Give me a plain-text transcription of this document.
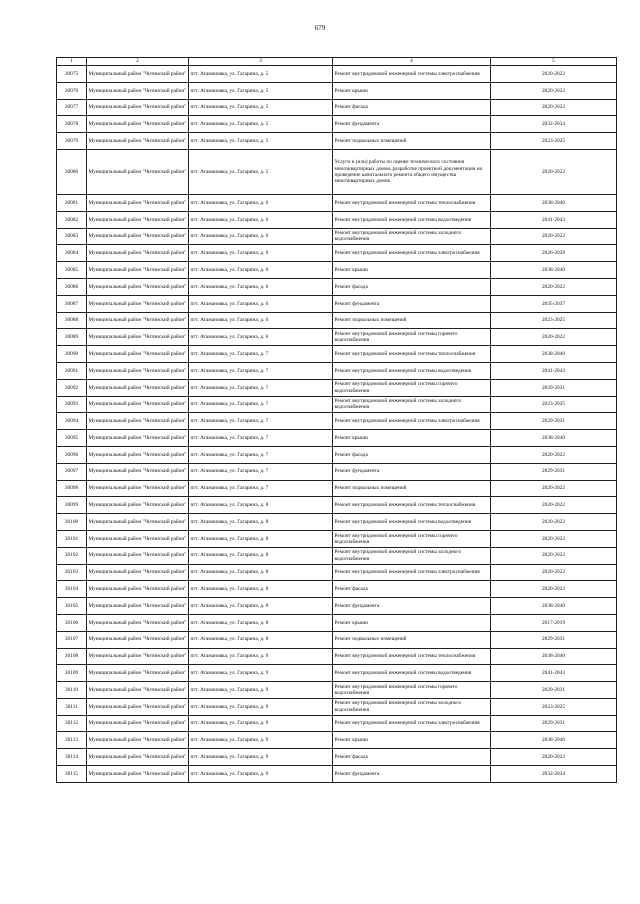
679
1	2	3	4	5
30075	Муниципальный район "Читинский район"	пгт. Атамановка, ул. Гагарина, д. 5	Ремонт внутридомовой инженерной системы электроснабжения	2020-2022
30076	Муниципальный район "Читинский район"	пгт. Атамановка, ул. Гагарина, д. 5	Ремонт крыши	2020-2022
30077	Муниципальный район "Читинский район"	пгт. Атамановка, ул. Гагарина, д. 5	Ремонт фасада	2020-2022
30078	Муниципальный район "Читинский район"	пгт. Атамановка, ул. Гагарина, д. 5	Ремонт фундамента	2032-2034
30079	Муниципальный район "Читинский район"	пгт. Атамановка, ул. Гагарина, д. 5	Ремонт подвальных помещений	2023-2025
30080	Муниципальный район "Читинский район"	пгт. Атамановка, ул. Гагарина, д. 5	Услуги и (или) работы по оценке технического состояния многоквартирных домов, разработке проектной документации на проведение капитального ремонта общего имущества многоквартирных домов	2020-2022
30081	Муниципальный район "Читинский район"	пгт. Атамановка, ул. Гагарина, д. 6	Ремонт внутридомовой инженерной системы теплоснабжения	2038-2040
30082	Муниципальный район "Читинский район"	пгт. Атамановка, ул. Гагарина, д. 6	Ремонт внутридомовой инженерной системы водоотведения	2041-2043
30083	Муниципальный район "Читинский район"	пгт. Атамановка, ул. Гагарина, д. 6	Ремонт внутридомовой инженерной системы холодного водоснабжения	2020-2022
30084	Муниципальный район "Читинский район"	пгт. Атамановка, ул. Гагарина, д. 6	Ремонт внутридомовой инженерной системы электроснабжения	2026-2028
30085	Муниципальный район "Читинский район"	пгт. Атамановка, ул. Гагарина, д. 6	Ремонт крыши	2038-2040
30086	Муниципальный район "Читинский район"	пгт. Атамановка, ул. Гагарина, д. 6	Ремонт фасада	2020-2022
30087	Муниципальный район "Читинский район"	пгт. Атамановка, ул. Гагарина, д. 6	Ремонт фундамента	2035-2037
30088	Муниципальный район "Читинский район"	пгт. Атамановка, ул. Гагарина, д. 6	Ремонт подвальных помещений	2023-2025
30089	Муниципальный район "Читинский район"	пгт. Атамановка, ул. Гагарина, д. 6	Ремонт внутридомовой инженерной системы горячего водоснабжения	2020-2022
30090	Муниципальный район "Читинский район"	пгт. Атамановка, ул. Гагарина, д. 7	Ремонт внутридомовой инженерной системы теплоснабжения	2038-2040
30091	Муниципальный район "Читинский район"	пгт. Атамановка, ул. Гагарина, д. 7	Ремонт внутридомовой инженерной системы водоотведения	2041-2043
30092	Муниципальный район "Читинский район"	пгт. Атамановка, ул. Гагарина, д. 7	Ремонт внутридомовой инженерной системы горячего водоснабжения	2029-2031
30093	Муниципальный район "Читинский район"	пгт. Атамановка, ул. Гагарина, д. 7	Ремонт внутридомовой инженерной системы холодного водоснабжения	2023-2025
30094	Муниципальный район "Читинский район"	пгт. Атамановка, ул. Гагарина, д. 7	Ремонт внутридомовой инженерной системы электроснабжения	2029-2031
30095	Муниципальный район "Читинский район"	пгт. Атамановка, ул. Гагарина, д. 7	Ремонт крыши	2038-2040
30096	Муниципальный район "Читинский район"	пгт. Атамановка, ул. Гагарина, д. 7	Ремонт фасада	2020-2022
30097	Муниципальный район "Читинский район"	пгт. Атамановка, ул. Гагарина, д. 7	Ремонт фундамента	2029-2031
30098	Муниципальный район "Читинский район"	пгт. Атамановка, ул. Гагарина, д. 7	Ремонт подвальных помещений	2020-2022
30099	Муниципальный район "Читинский район"	пгт. Атамановка, ул. Гагарина, д. 8	Ремонт внутридомовой инженерной системы теплоснабжения	2020-2022
30100	Муниципальный район "Читинский район"	пгт. Атамановка, ул. Гагарина, д. 8	Ремонт внутридомовой инженерной системы водоотведения	2020-2022
30101	Муниципальный район "Читинский район"	пгт. Атамановка, ул. Гагарина, д. 8	Ремонт внутридомовой инженерной системы горячего водоснабжения	2020-2022
30102	Муниципальный район "Читинский район"	пгт. Атамановка, ул. Гагарина, д. 8	Ремонт внутридомовой инженерной системы холодного водоснабжения	2020-2022
30103	Муниципальный район "Читинский район"	пгт. Атамановка, ул. Гагарина, д. 8	Ремонт внутридомовой инженерной системы электроснабжения	2020-2022
30104	Муниципальный район "Читинский район"	пгт. Атамановка, ул. Гагарина, д. 8	Ремонт фасада	2020-2022
30105	Муниципальный район "Читинский район"	пгт. Атамановка, ул. Гагарина, д. 8	Ремонт фундамента	2038-2040
30106	Муниципальный район "Читинский район"	пгт. Атамановка, ул. Гагарина, д. 8	Ремонт крыши	2017-2019
30107	Муниципальный район "Читинский район"	пгт. Атамановка, ул. Гагарина, д. 8	Ремонт подвальных помещений	2029-2031
30108	Муниципальный район "Читинский район"	пгт. Атамановка, ул. Гагарина, д. 9	Ремонт внутридомовой инженерной системы теплоснабжения	2038-2040
30109	Муниципальный район "Читинский район"	пгт. Атамановка, ул. Гагарина, д. 9	Ремонт внутридомовой инженерной системы водоотведения	2041-2043
30110	Муниципальный район "Читинский район"	пгт. Атамановка, ул. Гагарина, д. 9	Ремонт внутридомовой инженерной системы горячего водоснабжения	2029-2031
30111	Муниципальный район "Читинский район"	пгт. Атамановка, ул. Гагарина, д. 9	Ремонт внутридомовой инженерной системы холодного водоснабжения	2023-2025
30112	Муниципальный район "Читинский район"	пгт. Атамановка, ул. Гагарина, д. 9	Ремонт внутридомовой инженерной системы электроснабжения	2029-2031
30113	Муниципальный район "Читинский район"	пгт. Атамановка, ул. Гагарина, д. 9	Ремонт крыши	2038-2040
30114	Муниципальный район "Читинский район"	пгт. Атамановка, ул. Гагарина, д. 9	Ремонт фасада	2020-2022
30115	Муниципальный район "Читинский район"	пгт. Атамановка, ул. Гагарина, д. 9	Ремонт фундамента	2032-2034
